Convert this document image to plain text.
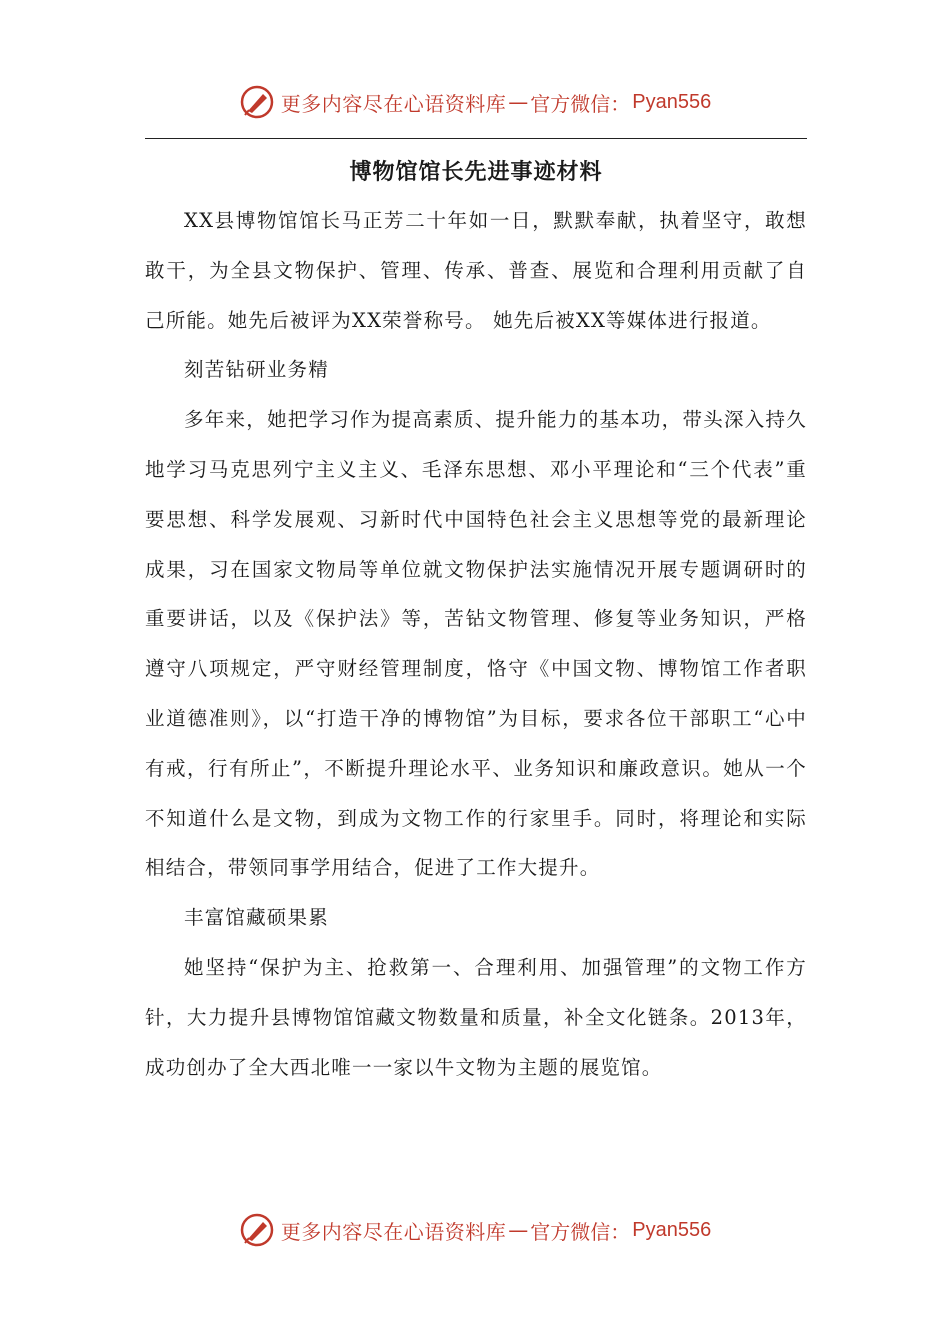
更多内容尽在心语资料库 — 官方微信： Pyan556
博物馆馆长先进事迹材料

XX县博物馆馆长马正芳二十年如一日，默默奉献，执着坚守，敢想敢干，为全县文物保护、管理、传承、普查、展览和合理利用贡献了自己所能。她先后被评为XX荣誉称号。 她先后被XX等媒体进行报道。

刻苦钻研业务精

多年来，她把学习作为提高素质、提升能力的基本功，带头深入持久地学习马克思列宁主义主义、毛泽东思想、邓小平理论和“三个代表”重要思想、科学发展观、习新时代中国特色社会主义思想等党的最新理论成果，习在国家文物局等单位就文物保护法实施情况开展专题调研时的重要讲话，以及《保护法》等，苦钻文物管理、修复等业务知识，严格遵守八项规定，严守财经管理制度，恪守《中国文物、博物馆工作者职业道德准则》，以“打造干净的博物馆”为目标，要求各位干部职工“心中有戒，行有所止”，不断提升理论水平、业务知识和廉政意识。她从一个不知道什么是文物，到成为文物工作的行家里手。同时，将理论和实际相结合，带领同事学用结合，促进了工作大提升。

丰富馆藏硕果累

她坚持“保护为主、抢救第一、合理利用、加强管理”的文物工作方针，大力提升县博物馆馆藏文物数量和质量，补全文化链条。2013年，成功创办了全大西北唯一一家以牛文物为主题的展览馆。

更多内容尽在心语资料库 — 官方微信： Pyan556
